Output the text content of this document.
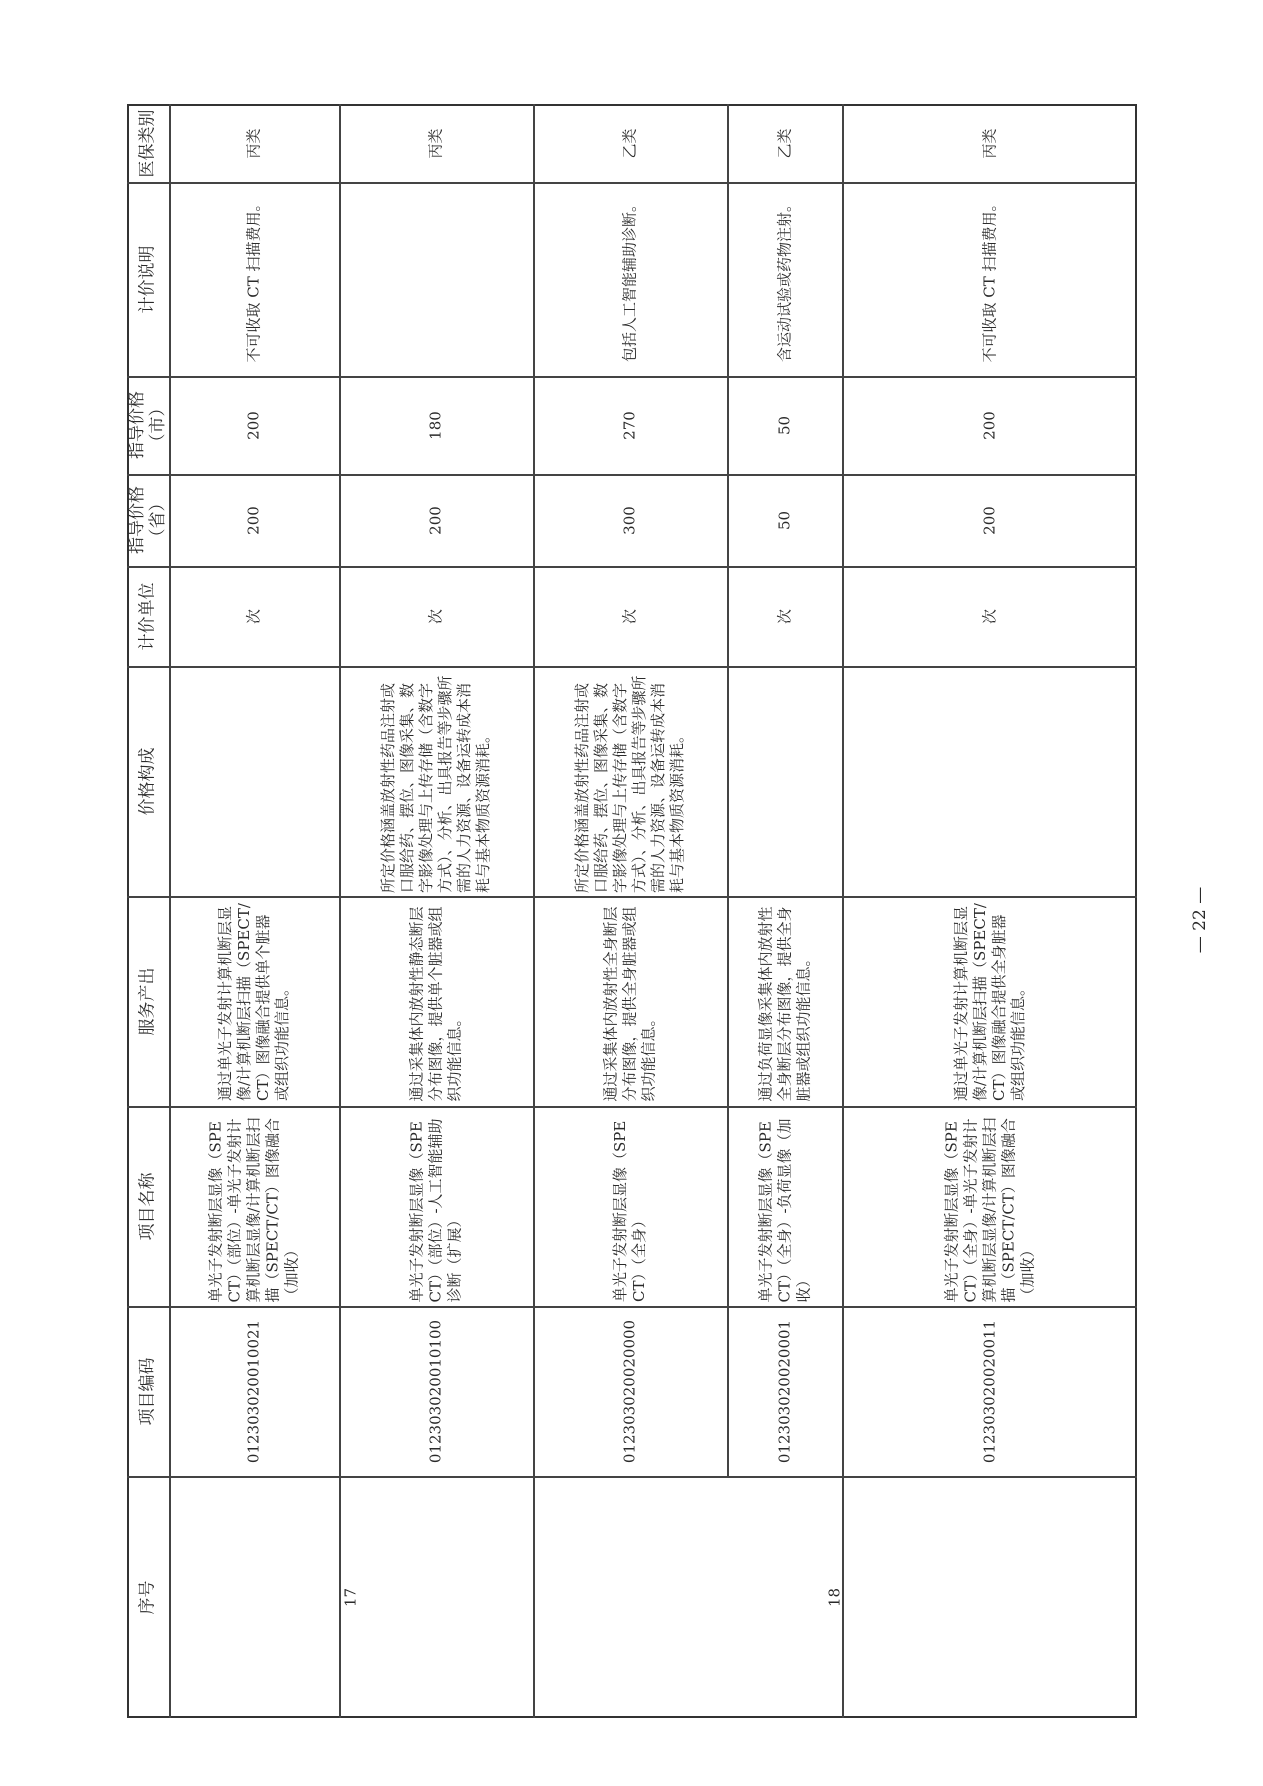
医保类别
计价说明
指导价格（市）
指导价格（省）
计价单位
价格构成
服务产出
项目名称
项目编码
序号
丙类
不可收取 CT 扫描费用。
200
200
次
通过单光子发射计算机断层显像/计算机断层扫描（SPECT/CT）图像融合提供单个脏器或组织功能信息。
单光子发射断层显像（SPECT）（部位）-单光子发射计算机断层显像/计算机断层扫描（SPECT/CT）图像融合（加收）
012303020010021
丙类
180
200
次
所定价格涵盖放射性药品注射或口服给药、摆位、图像采集、数字影像处理与上传存储（含数字方式）、分析、出具报告等步骤所需的人力资源、设备运转成本消耗与基本物质资源消耗。
通过采集体内放射性静态断层分布图像，提供单个脏器或组织功能信息。
单光子发射断层显像（SPECT）（部位）-人工智能辅助诊断（扩展）
012303020010100
乙类
包括人工智能辅助诊断。
270
300
次
所定价格涵盖放射性药品注射或口服给药、摆位、图像采集、数字影像处理与上传存储（含数字方式）、分析、出具报告等步骤所需的人力资源、设备运转成本消耗与基本物质资源消耗。
通过采集体内放射性全身断层分布图像，提供全身脏器或组织功能信息。
单光子发射断层显像（SPECT）（全身）
012303020020000
乙类
含运动试验或药物注射。
50
50
次
通过负荷显像采集体内放射性全身断层分布图像，提供全身脏器或组织功能信息。
单光子发射断层显像（SPECT）（全身）-负荷显像（加收）
012303020020001
丙类
不可收取 CT 扫描费用。
200
200
次
通过单光子发射计算机断层显像/计算机断层扫描（SPECT/CT）图像融合提供全身脏器或组织功能信息。
单光子发射断层显像（SPECT）（全身）-单光子发射计算机断层显像/计算机断层扫描（SPECT/CT）图像融合（加收）
012303020020011
17	18
— 22 —
